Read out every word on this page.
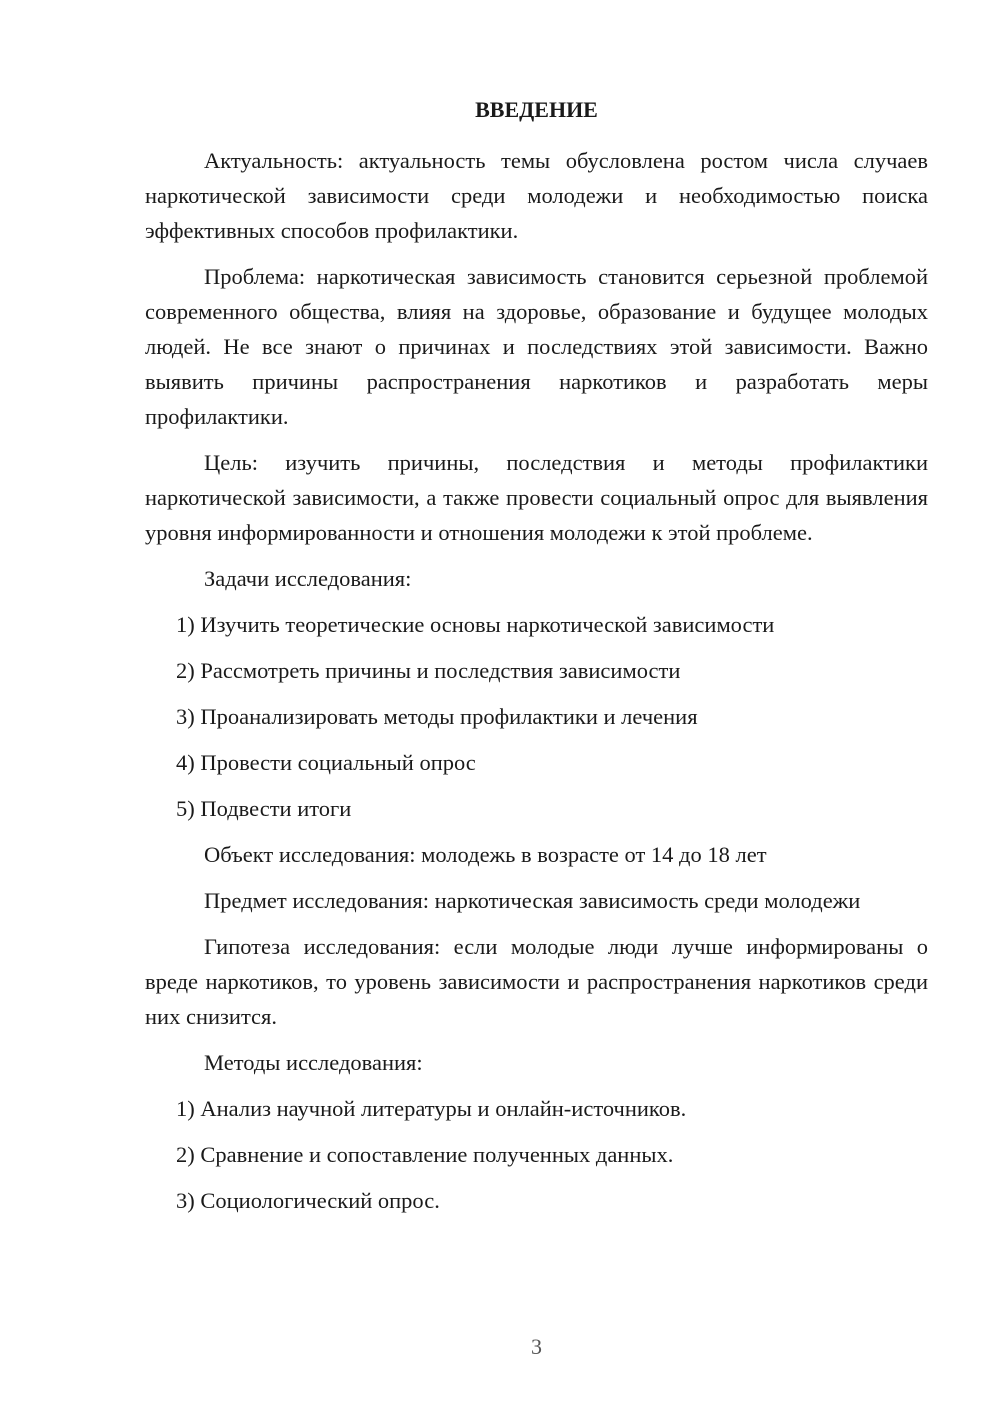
ВВЕДЕНИЕ

Актуальность: актуальность темы обусловлена ростом числа случаев наркотической зависимости среди молодежи и необходимостью поиска эффективных способов профилактики.

Проблема: наркотическая зависимость становится серьезной проблемой современного общества, влияя на здоровье, образование и будущее молодых людей. Не все знают о причинах и последствиях этой зависимости. Важно выявить причины распространения наркотиков и разработать меры профилактики.

Цель: изучить причины, последствия и методы профилактики наркотической зависимости, а также провести социальный опрос для выявления уровня информированности и отношения молодежи к этой проблеме.

Задачи исследования:

1) Изучить теоретические основы наркотической зависимости

2) Рассмотреть причины и последствия зависимости

3) Проанализировать методы профилактики и лечения

4) Провести социальный опрос

5) Подвести итоги

Объект исследования: молодежь в возрасте от 14 до 18 лет

Предмет исследования: наркотическая зависимость среди молодежи

Гипотеза исследования: если молодые люди лучше информированы о вреде наркотиков, то уровень зависимости и распространения наркотиков среди них снизится.

Методы исследования:

1) Анализ научной литературы и онлайн-источников.

2) Сравнение и сопоставление полученных данных.

3) Социологический опрос.

3
